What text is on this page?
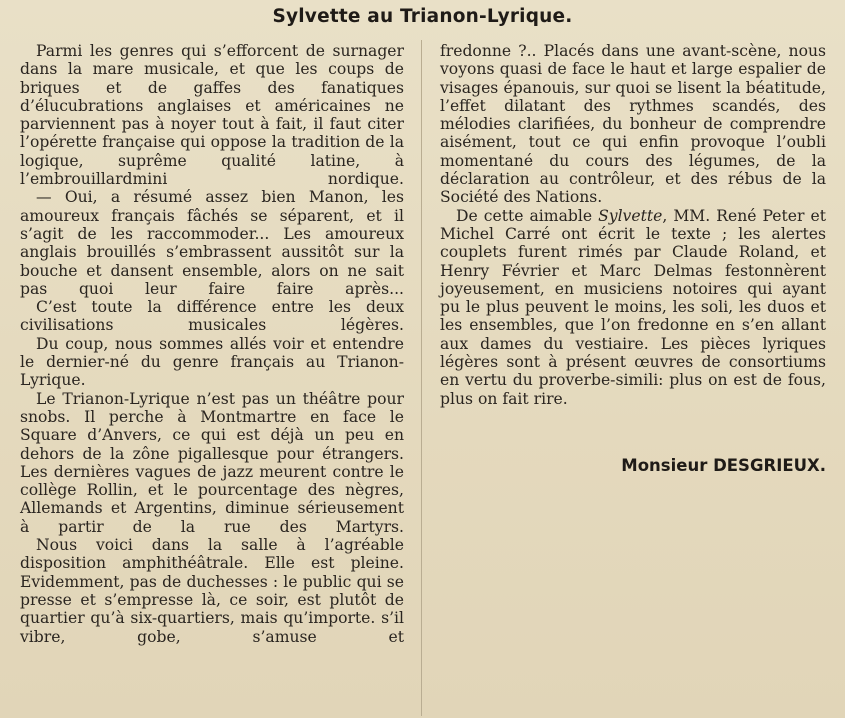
Sylvette au Trianon-Lyrique.

Parmi les genres qui s’efforcent de surnager dans la mare musicale, et que les coups de briques et de gaffes des fanatiques d’élucubrations anglaises et américaines ne parviennent pas à noyer tout à fait, il faut citer l’opérette française qui oppose la tradition de la logique, suprême qualité latine, à l’embrouillardmini nordique.

— Oui, a résumé assez bien Manon, les amoureux français fâchés se séparent, et il s’agit de les raccommoder... Les amoureux anglais brouillés s’embrassent aussitôt sur la bouche et dansent ensemble, alors on ne sait pas quoi leur faire faire après...

C’est toute la différence entre les deux civilisations musicales légères.

Du coup, nous sommes allés voir et entendre le dernier-né du genre français au Trianon-Lyrique.

Le Trianon-Lyrique n’est pas un théâtre pour snobs. Il perche à Montmartre en face le Square d’Anvers, ce qui est déjà un peu en dehors de la zône pigallesque pour étrangers. Les dernières vagues de jazz meurent contre le collège Rollin, et le pourcentage des nègres, Allemands et Argentins, diminue sérieusement à partir de la rue des Martyrs.

Nous voici dans la salle à l’agréable disposition amphithéâtrale. Elle est pleine. Evidemment, pas de duchesses : le public qui se presse et s’empresse là, ce soir, est plutôt de quartier qu’à six-quartiers, mais qu’importe. s’il vibre, gobe, s’amuse et

fredonne ?.. Placés dans une avant-scène, nous voyons quasi de face le haut et large espalier de visages épanouis, sur quoi se lisent la béatitude, l’effet dilatant des rythmes scandés, des mélodies clarifiées, du bonheur de comprendre aisément, tout ce qui enfin provoque l’oubli momentané du cours des légumes, de la déclaration au contrôleur, et des rébus de la Société des Nations.

De cette aimable Sylvette, MM. René Peter et Michel Carré ont écrit le texte ; les alertes couplets furent rimés par Claude Roland, et Henry Février et Marc Delmas festonnèrent joyeusement, en musiciens notoires qui ayant pu le plus peuvent le moins, les soli, les duos et les ensembles, que l’on fredonne en s’en allant aux dames du vestiaire. Les pièces lyriques légères sont à présent œuvres de consortiums en vertu du proverbe-simili: plus on est de fous, plus on fait rire.

Monsieur DESGRIEUX.
